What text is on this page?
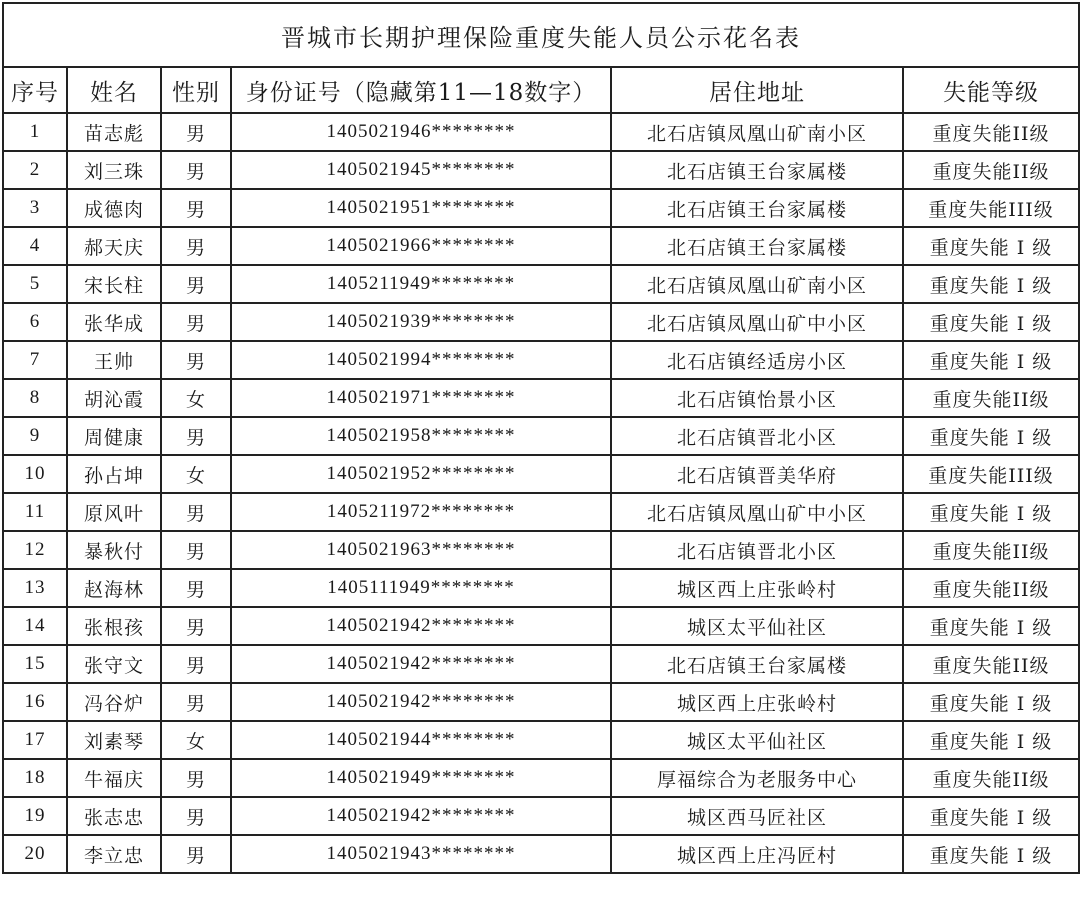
晋城市长期护理保险重度失能人员公示花名表					
序号	姓名	性别	身份证号（隐藏第11—18数字）	居住地址	失能等级
1	苗志彪	男	1405021946********	北石店镇凤凰山矿南小区	重度失能II级
2	刘三珠	男	1405021945********	北石店镇王台家属楼	重度失能II级
3	成德肉	男	1405021951********	北石店镇王台家属楼	重度失能III级
4	郝天庆	男	1405021966********	北石店镇王台家属楼	重度失能 I 级
5	宋长柱	男	1405211949********	北石店镇凤凰山矿南小区	重度失能 I 级
6	张华成	男	1405021939********	北石店镇凤凰山矿中小区	重度失能 I 级
7	王帅	男	1405021994********	北石店镇经适房小区	重度失能 I 级
8	胡沁霞	女	1405021971********	北石店镇怡景小区	重度失能II级
9	周健康	男	1405021958********	北石店镇晋北小区	重度失能 I 级
10	孙占坤	女	1405021952********	北石店镇晋美华府	重度失能III级
11	原风叶	男	1405211972********	北石店镇凤凰山矿中小区	重度失能 I 级
12	暴秋付	男	1405021963********	北石店镇晋北小区	重度失能II级
13	赵海林	男	1405111949********	城区西上庄张岭村	重度失能II级
14	张根孩	男	1405021942********	城区太平仙社区	重度失能 I 级
15	张守文	男	1405021942********	北石店镇王台家属楼	重度失能II级
16	冯谷炉	男	1405021942********	城区西上庄张岭村	重度失能 I 级
17	刘素琴	女	1405021944********	城区太平仙社区	重度失能 I 级
18	牛福庆	男	1405021949********	厚福综合为老服务中心	重度失能II级
19	张志忠	男	1405021942********	城区西马匠社区	重度失能 I 级
20	李立忠	男	1405021943********	城区西上庄冯匠村	重度失能 I 级
